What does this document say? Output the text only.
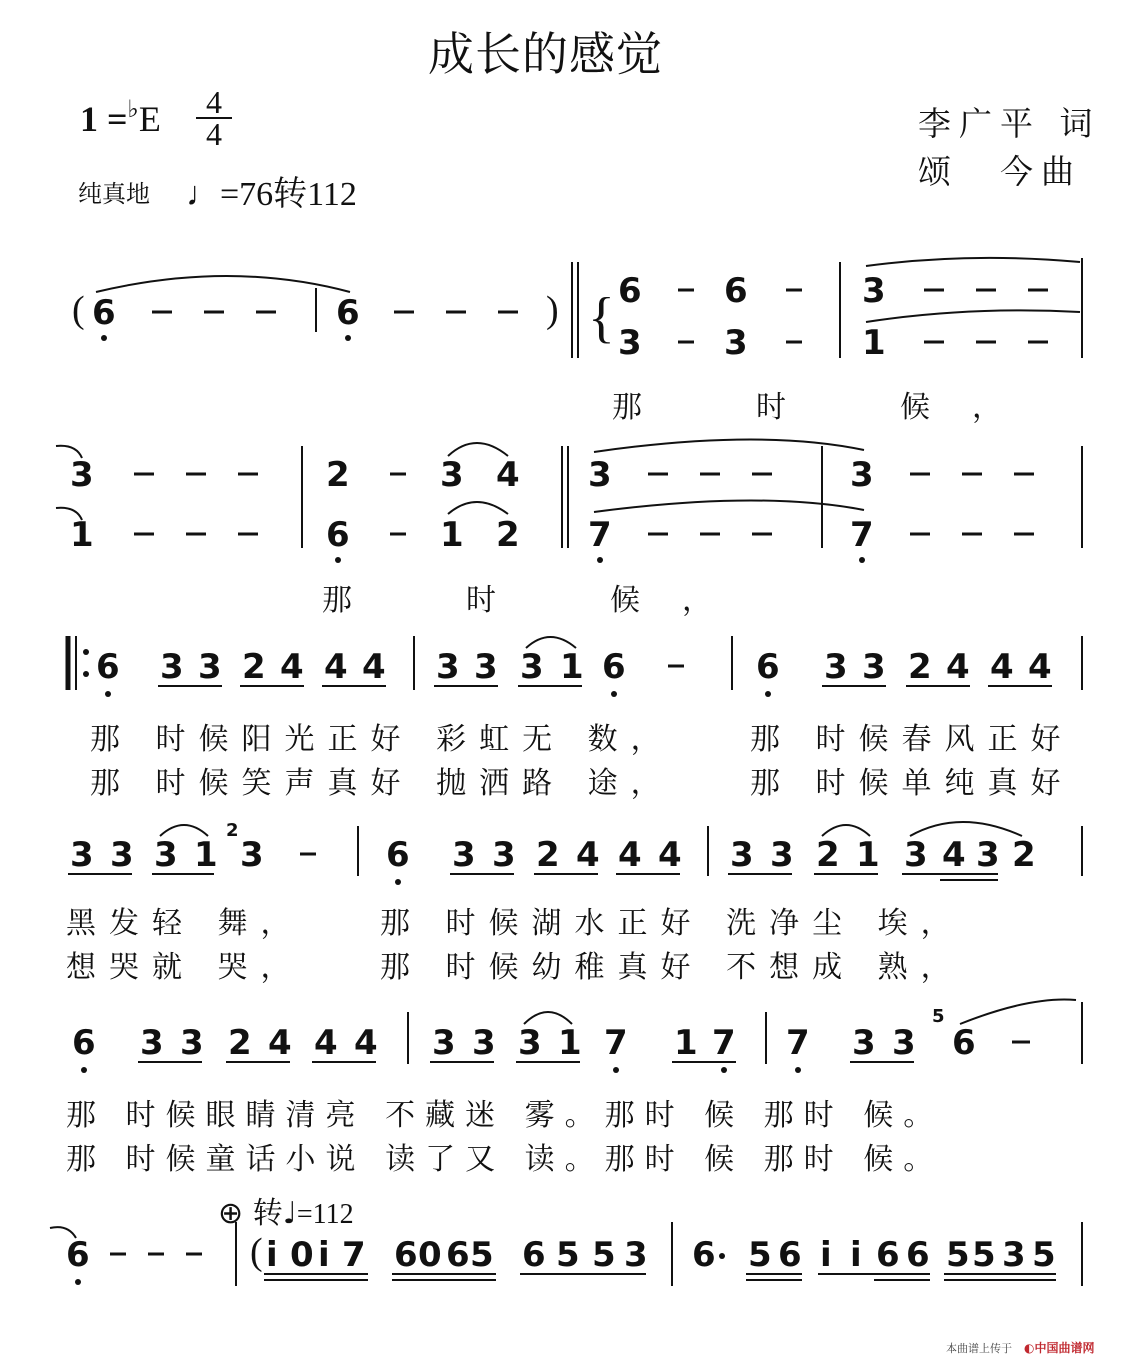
成长的感觉
1 =♭E	4
4	李广平 词
颂　今曲
纯真地 ♩=76转112
那　时　候，
那　时　候，
那 时候阳光正好 彩虹无 数，	那 时候春风正好
那 时候笑声真好 抛洒路 途，	那 时候单纯真好
黑发轻 舞，	那 时候湖水正好 洗净尘 埃，
想哭就 哭，	那 时候幼稚真好 不想成 熟，
那 时候眼睛清亮 不藏迷 雾。那时 候 那时 候。
那 时候童话小说 读了又 读。那时 候 那时 候。
⊕ 转♩=112
本曲谱上传于 ◐中国曲谱网
( 6	6	) { 6
3
6
3
3
1
3
1
2	3 4
6	1 2
3
7
3
7
6 3 3 2 4 4 4 3 3 3 1 6	6 3 3 2 4 4 4
3 3 3 1
2
3	6 3 3 2 4 4 4 3 3 2 1 3 4 3 2
6 3 3 2 4 4 4 3 3 3 1 7 1 7 7 3 3
5
6
6	( i 0 i 7 6 0 6 5 6 5 5 3 6 5 6 i i 6 6 5 5 3 5
